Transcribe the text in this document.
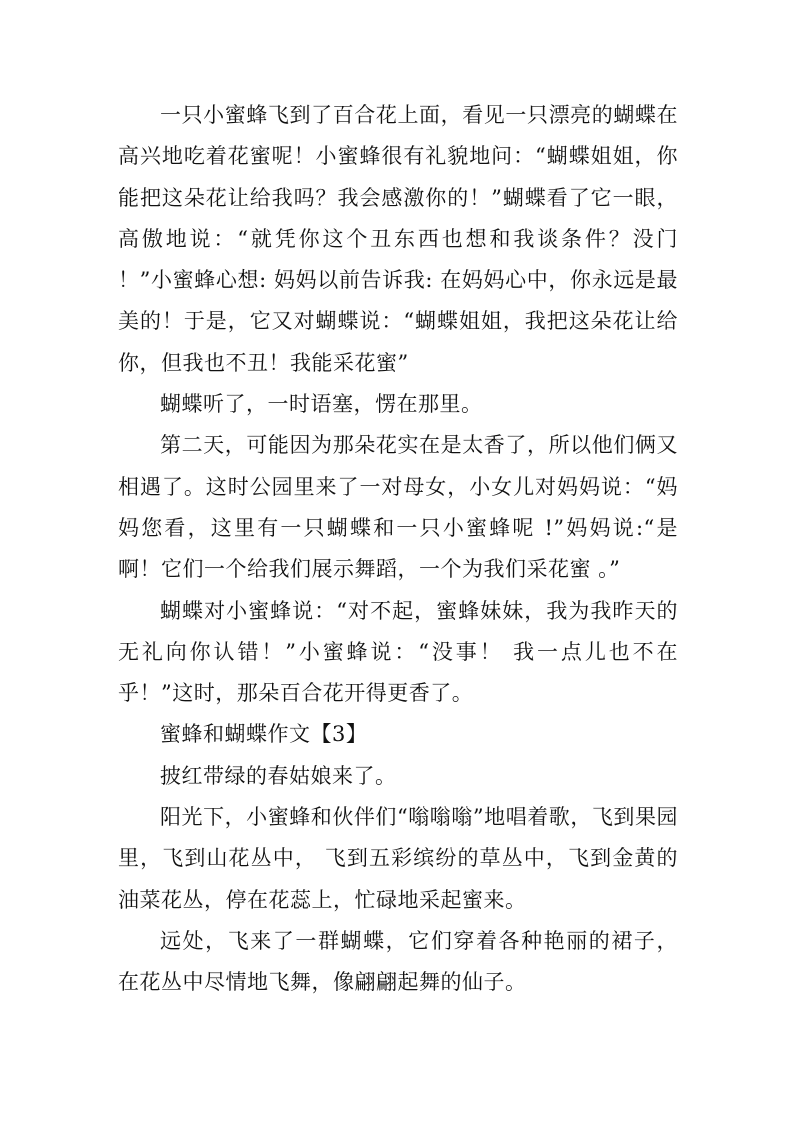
一只小蜜蜂飞到了百合花上面，看见一只漂亮的蝴蝶在高兴地吃着花蜜呢！小蜜蜂很有礼貌地问：“蝴蝶姐姐，你能把这朵花让给我吗？我会感激你的！”蝴蝶看了它一眼，高傲地说：“就凭你这个丑东西也想和我谈条件？没门 ！”小蜜蜂心想: 妈妈以前告诉我: 在妈妈心中，你永远是最美的！于是，它又对蝴蝶说：“蝴蝶姐姐，我把这朵花让给你，但我也不丑！我能采花蜜”

蝴蝶听了，一时语塞，愣在那里。

第二天，可能因为那朵花实在是太香了，所以他们俩又相遇了。这时公园里来了一对母女，小女儿对妈妈说：“妈妈您看，这里有一只蝴蝶和一只小蜜蜂呢 !”妈妈说:“是啊！它们一个给我们展示舞蹈，一个为我们采花蜜 。”

蝴蝶对小蜜蜂说：“对不起，蜜蜂妹妹，我为我昨天的无礼向你认错！”小蜜蜂说：“没事！ 我一点儿也不在乎！”这时，那朵百合花开得更香了。

蜜蜂和蝴蝶作文【3】

披红带绿的春姑娘来了。

阳光下，小蜜蜂和伙伴们“嗡嗡嗡”地唱着歌，飞到果园里，飞到山花丛中， 飞到五彩缤纷的草丛中，飞到金黄的油菜花丛，停在花蕊上，忙碌地采起蜜来。

远处，飞来了一群蝴蝶，它们穿着各种艳丽的裙子， 在花丛中尽情地飞舞，像翩翩起舞的仙子。
